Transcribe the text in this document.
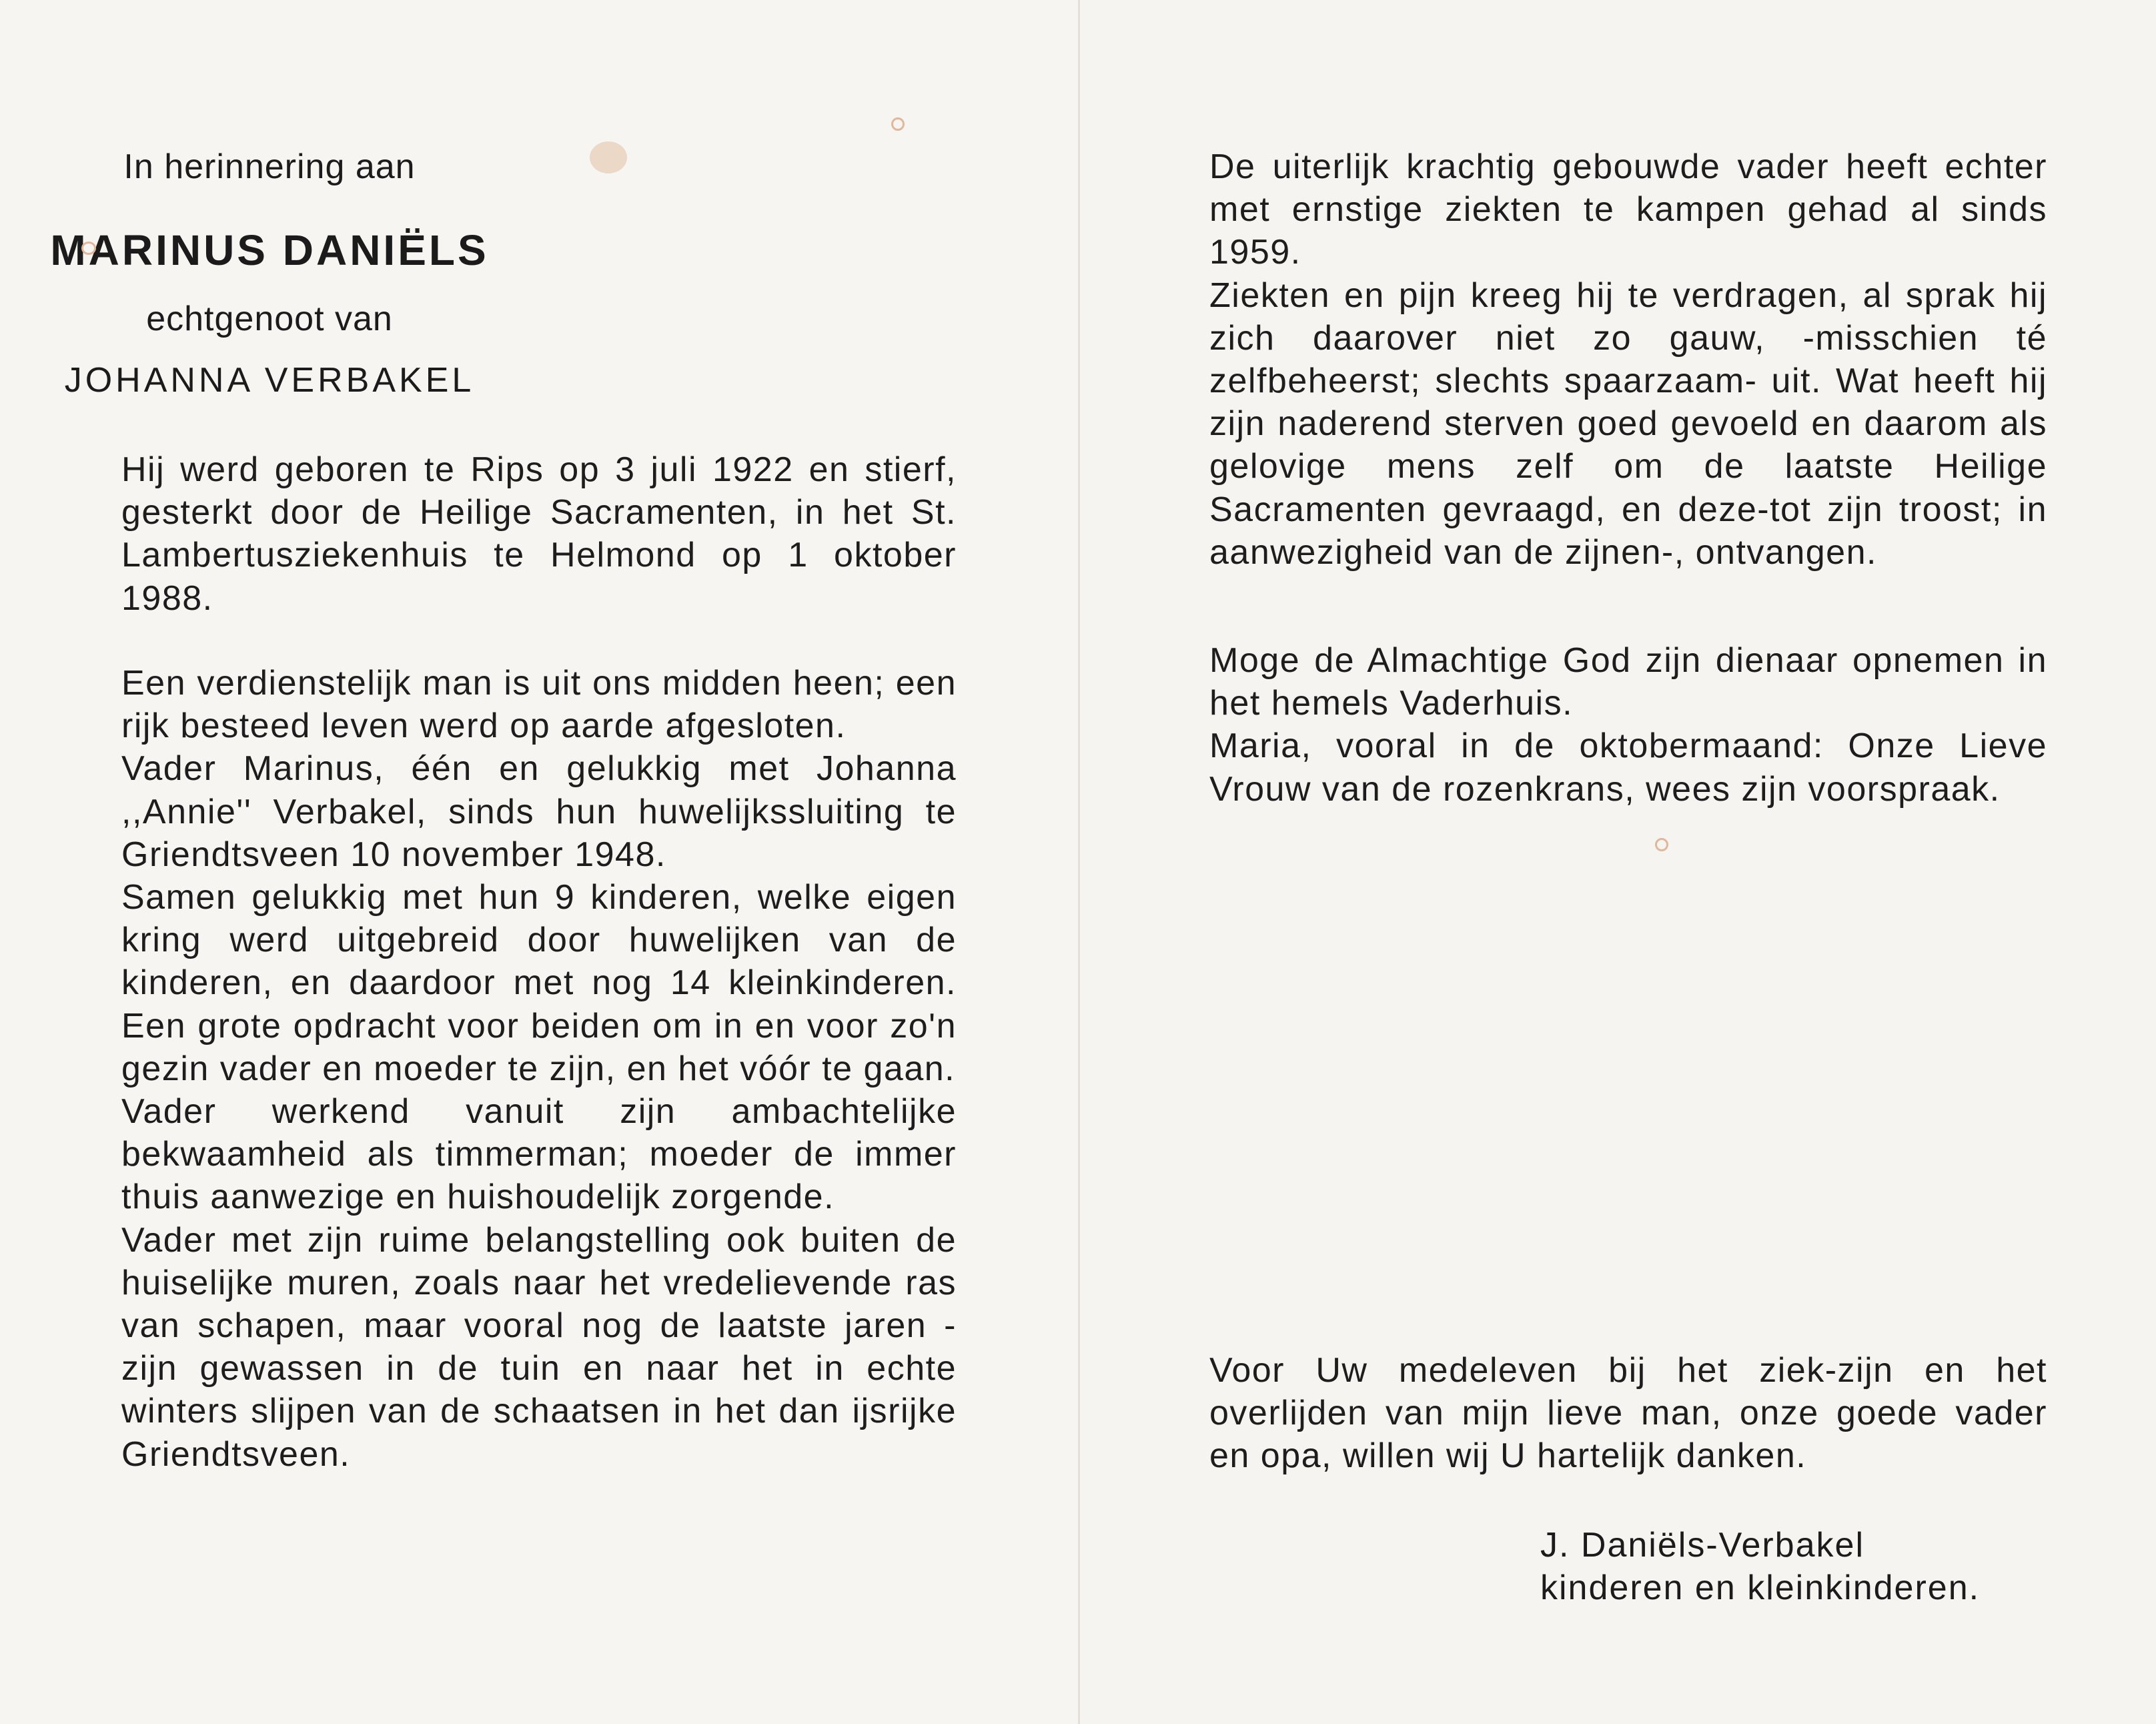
In herinnering aan
MARINUS DANIËLS
echtgenoot van
JOHANNA VERBAKEL

Hij werd geboren te Rips op 3 juli 1922 en stierf, gesterkt door de Heilige Sacramenten, in het St. Lambertusziekenhuis te Helmond op 1 oktober 1988.

Een verdienstelijk man is uit ons midden heen; een rijk besteed leven werd op aarde afgesloten.

Vader Marinus, één en gelukkig met Johanna ,,Annie'' Verbakel, sinds hun huwelijkssluiting te Griendtsveen 10 november 1948.

Samen gelukkig met hun 9 kinderen, welke eigen kring werd uitgebreid door huwelijken van de kinderen, en daardoor met nog 14 kleinkinderen. Een grote opdracht voor beiden om in en voor zo'n gezin vader en moeder te zijn, en het vóór te gaan.

Vader werkend vanuit zijn ambachtelijke bekwaamheid als timmerman; moeder de immer thuis aanwezige en huishoudelijk zorgende.

Vader met zijn ruime belangstelling ook buiten de huiselijke muren, zoals naar het vredelievende ras van schapen, maar vooral nog de laatste jaren - zijn gewassen in de tuin en naar het in echte winters slijpen van de schaatsen in het dan ijsrijke Griendtsveen.

De uiterlijk krachtig gebouwde vader heeft echter met ernstige ziekten te kampen gehad al sinds 1959.

Ziekten en pijn kreeg hij te verdragen, al sprak hij zich daarover niet zo gauw, -misschien té zelfbeheerst; slechts spaarzaam- uit. Wat heeft hij zijn naderend sterven goed gevoeld en daarom als gelovige mens zelf om de laatste Heilige Sacramenten gevraagd, en deze-tot zijn troost; in aanwezigheid van de zijnen-, ontvangen.

Moge de Almachtige God zijn dienaar opnemen in het hemels Vaderhuis.

Maria, vooral in de oktobermaand: Onze Lieve Vrouw van de rozenkrans, wees zijn voorspraak.

Voor Uw medeleven bij het ziek-zijn en het overlijden van mijn lieve man, onze goede vader en opa, willen wij U hartelijk danken.

J. Daniëls-Verbakel
kinderen en kleinkinderen.
